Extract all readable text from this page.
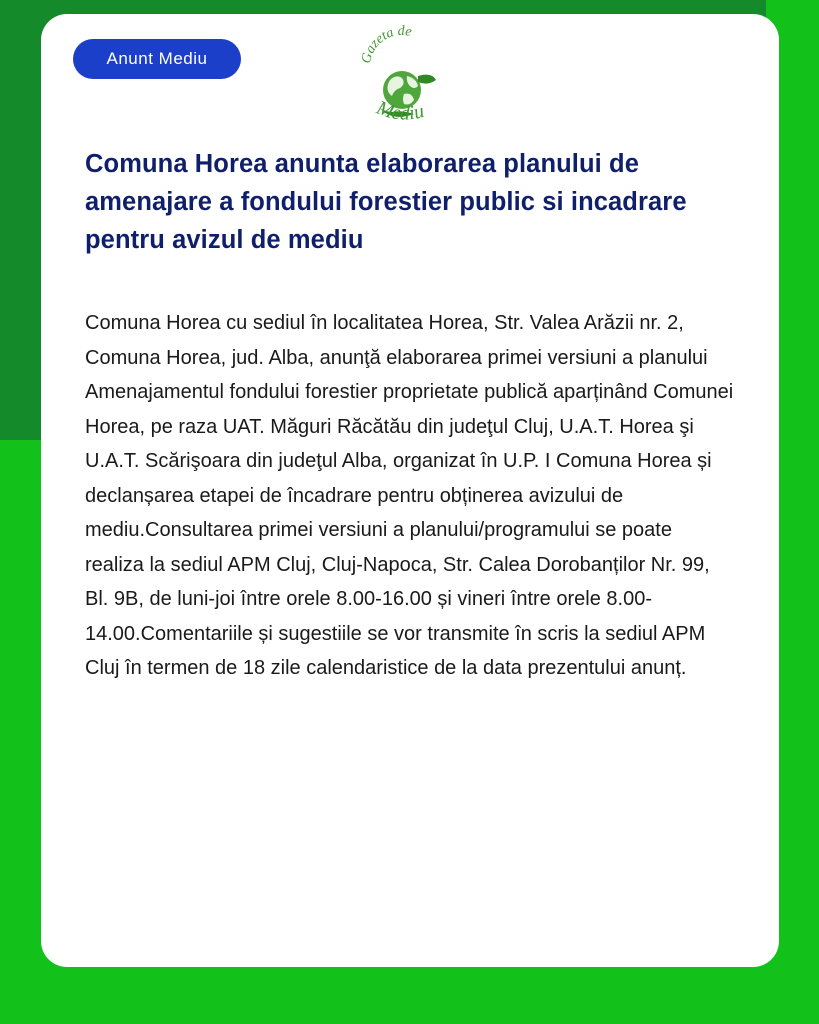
Anunt Mediu	Gazeta de
Mediu
Comuna Horea anunta elaborarea planului de amenajare a fondului forestier public si incadrare pentru avizul de mediu

Comuna Horea cu sediul în localitatea Horea, Str. Valea Arăzii nr. 2, Comuna Horea, jud. Alba, anunţă elaborarea primei versiuni a planului Amenajamentul fondului forestier proprietate publică aparținând Comunei Horea, pe raza UAT. Măguri Răcătău din judeţul Cluj, U.A.T. Horea şi U.A.T. Scărişoara din judeţul Alba, organizat în U.P. I Comuna Horea și declanșarea etapei de încadrare pentru obținerea avizului de mediu.Consultarea primei versiuni a planului/programului se poate realiza la sediul APM Cluj, Cluj-Napoca, Str. Calea Dorobanților Nr. 99, Bl. 9B, de luni-joi între orele 8.00-16.00 și vineri între orele 8.00-14.00.Comentariile și sugestiile se vor transmite în scris la sediul APM Cluj în termen de 18 zile calendaristice de la data prezentului anunț.
